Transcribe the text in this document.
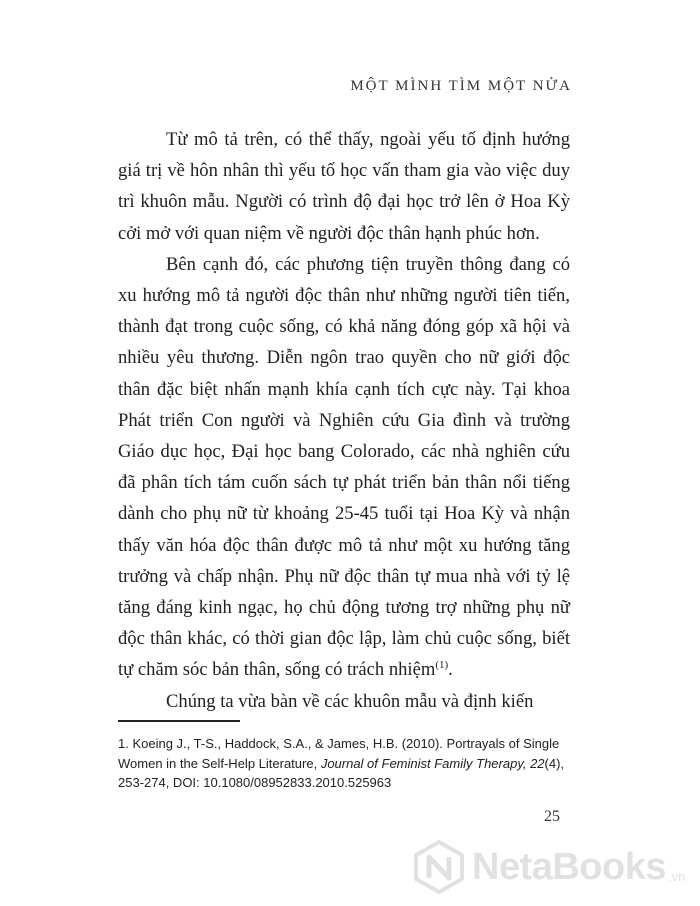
MỘT MÌNH TÌM MỘT NỬA

Từ mô tả trên, có thể thấy, ngoài yếu tố định hướng giá trị về hôn nhân thì yếu tố học vấn tham gia vào việc duy trì khuôn mẫu. Người có trình độ đại học trở lên ở Hoa Kỳ cởi mở với quan niệm về người độc thân hạnh phúc hơn.

Bên cạnh đó, các phương tiện truyền thông đang có xu hướng mô tả người độc thân như những người tiên tiến, thành đạt trong cuộc sống, có khả năng đóng góp xã hội và nhiều yêu thương. Diễn ngôn trao quyền cho nữ giới độc thân đặc biệt nhấn mạnh khía cạnh tích cực này. Tại khoa Phát triển Con người và Nghiên cứu Gia đình và trường Giáo dục học, Đại học bang Colorado, các nhà nghiên cứu đã phân tích tám cuốn sách tự phát triển bản thân nổi tiếng dành cho phụ nữ từ khoảng 25-45 tuổi tại Hoa Kỳ và nhận thấy văn hóa độc thân được mô tả như một xu hướng tăng trưởng và chấp nhận. Phụ nữ độc thân tự mua nhà với tỷ lệ tăng đáng kinh ngạc, họ chủ động tương trợ những phụ nữ độc thân khác, có thời gian độc lập, làm chủ cuộc sống, biết tự chăm sóc bản thân, sống có trách nhiệm$^{(1)}$.

Chúng ta vừa bàn về các khuôn mẫu và định kiến

1. Koeing J., T-S., Haddock, S.A., & James, H.B. (2010). Portrayals of Single Women in the Self-Help Literature, Journal of Feminist Family Therapy, 22(4), 253-274, DOI: 10.1080/08952833.2010.525963
25
NetaBooks .vn
